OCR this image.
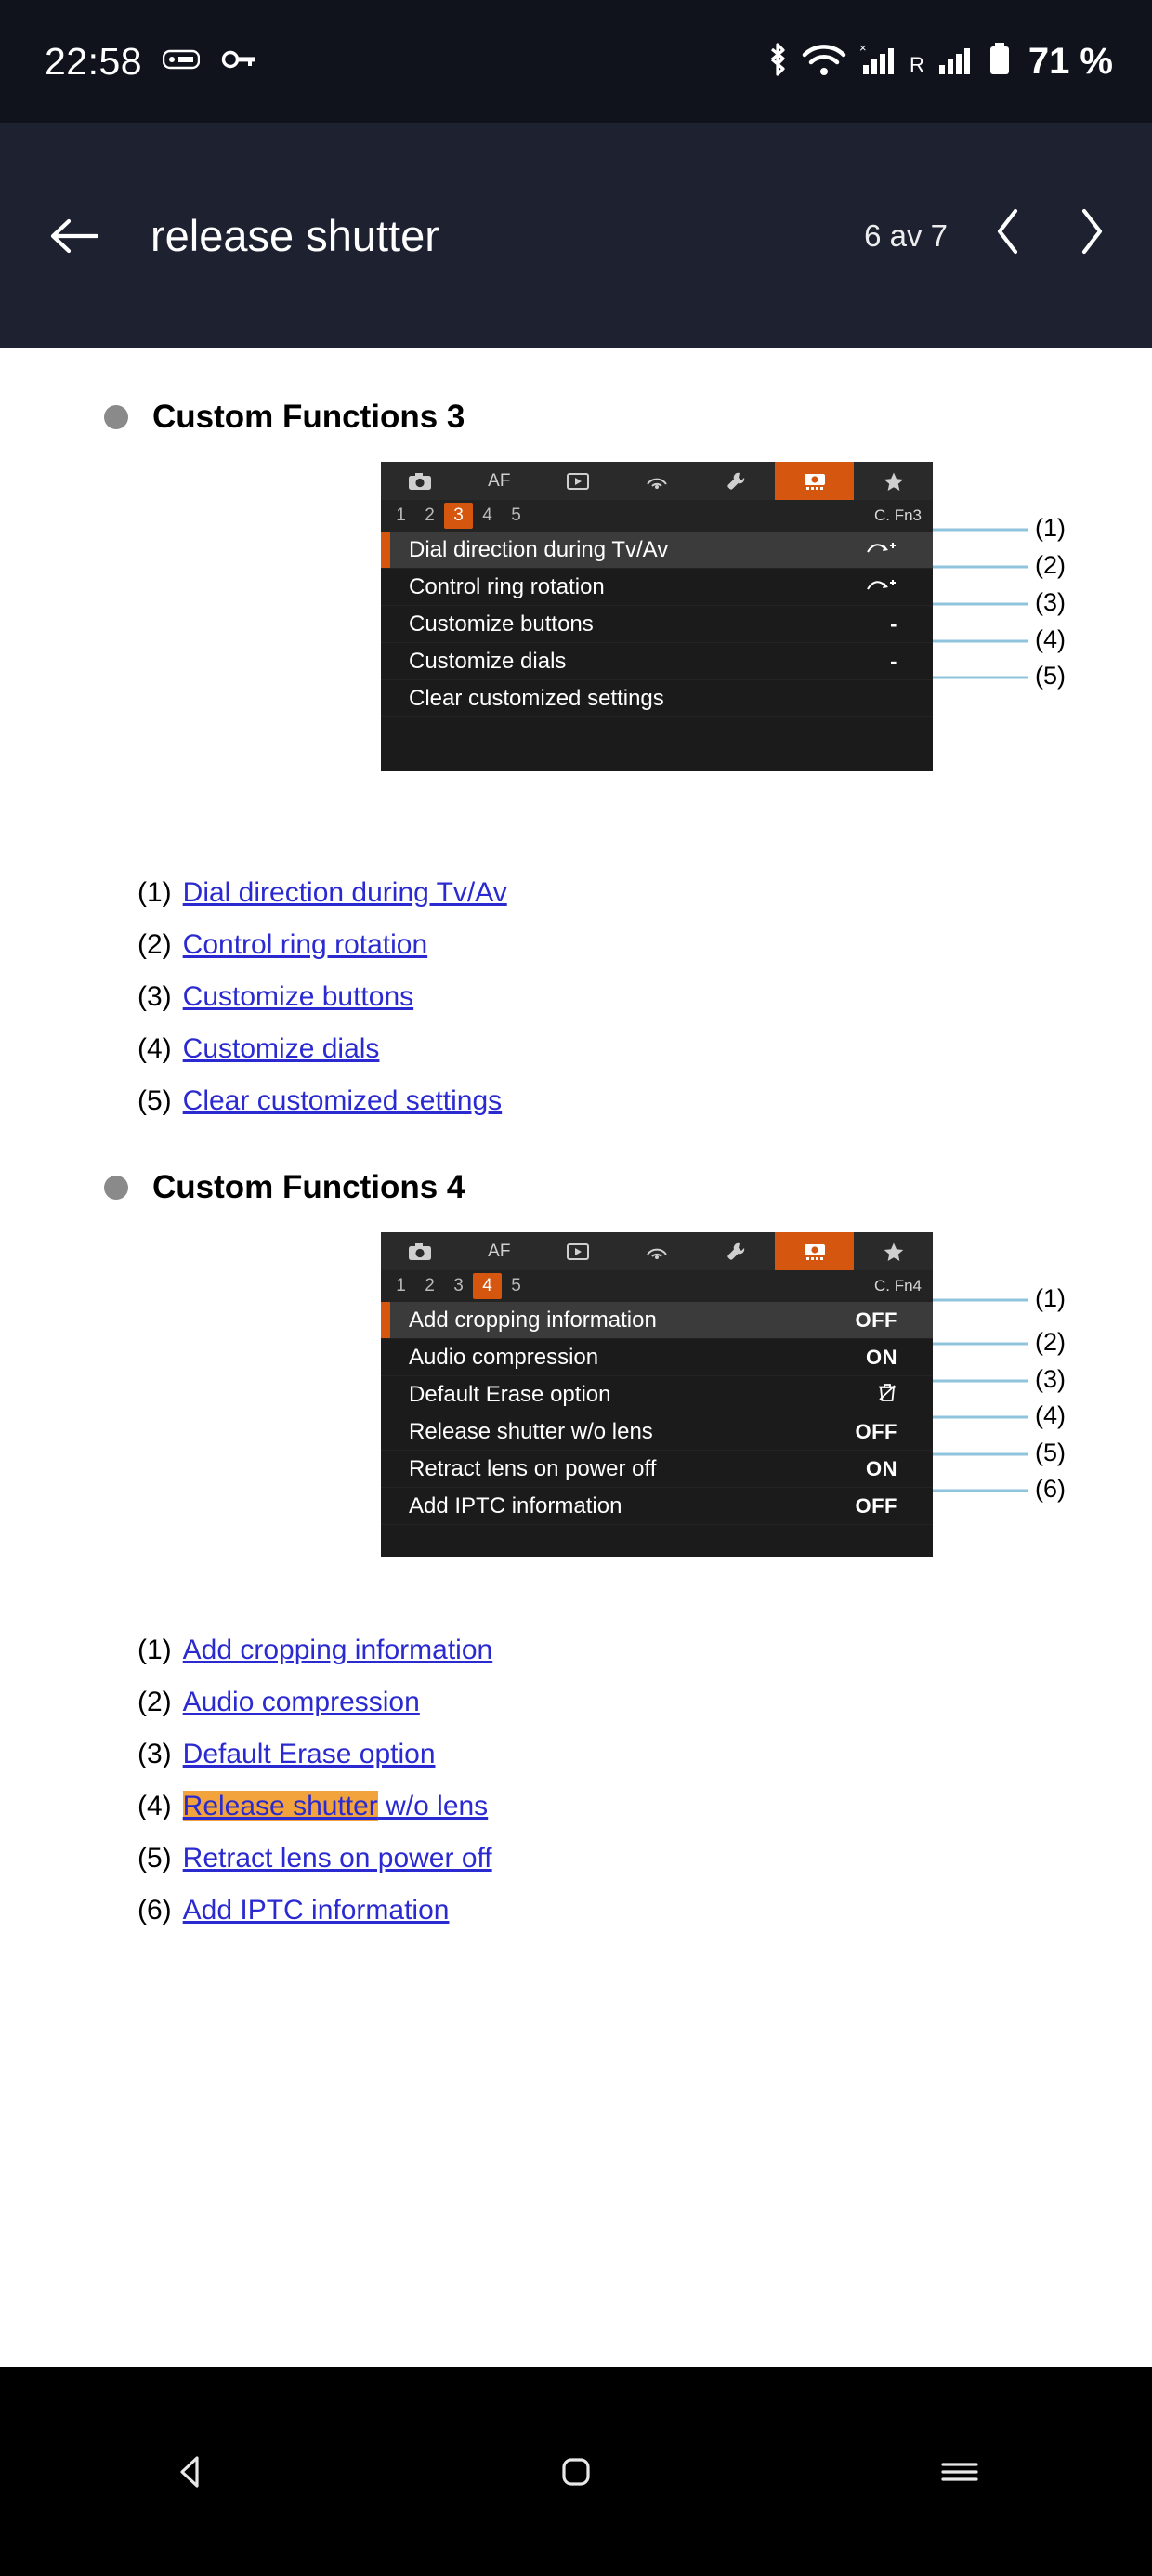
22:58	×
R	71 %
release shutter	6 av 7
Custom Functions 3
(1)
(2)
(3)
(4)
(5)
AF
1	2	3	4	5	C. Fn3
Dial direction during Tv/Av
Control ring rotation
Customize buttons	-
Customize dials	-
Clear customized settings
(1) Dial direction during Tv/Av
(2) Control ring rotation
(3) Customize buttons
(4) Customize dials
(5) Clear customized settings
Custom Functions 4
(1)
(2)
(3)
(4)
(5)
(6)
AF
1	2	3	4	5	C. Fn4
Add cropping information	OFF
Audio compression	ON
Default Erase option
Release shutter w/o lens	OFF
Retract lens on power off	ON
Add IPTC information	OFF
(1) Add cropping information
(2) Audio compression
(3) Default Erase option
(4) Release shutter w/o lens
(5) Retract lens on power off
(6) Add IPTC information
